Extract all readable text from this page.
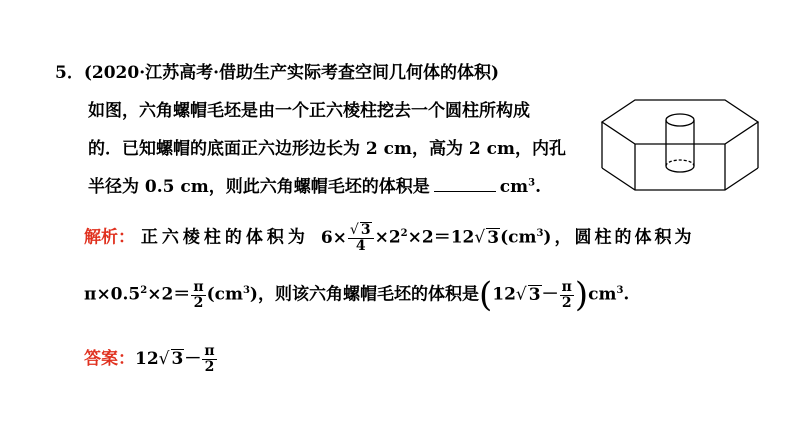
5．(2020·江苏高考·借助生产实际考查空间几何体的体积)
如图，六角螺帽毛坯是由一个正六棱柱挖去一个圆柱所构成
的．已知螺帽的底面正六边形边长为 2 cm，高为 2 cm，内孔
半径为 0.5 cm，则此六角螺帽毛坯的体积是	$cm^3$.
解析： 正六棱柱的体积为 $6\times \frac{√ 3}{4} \times 2^2\times 2=12√$ $3(cm^3)$，圆柱的体积为
$\pi\times 0.5^2\times 2= \frac{\pi}{2} (cm^3)$，则该六角螺帽毛坯的体积是(12√ $3- \frac{\pi}{2} )cm^3$.
答案：12√ $3- \frac{\pi}{2}$
